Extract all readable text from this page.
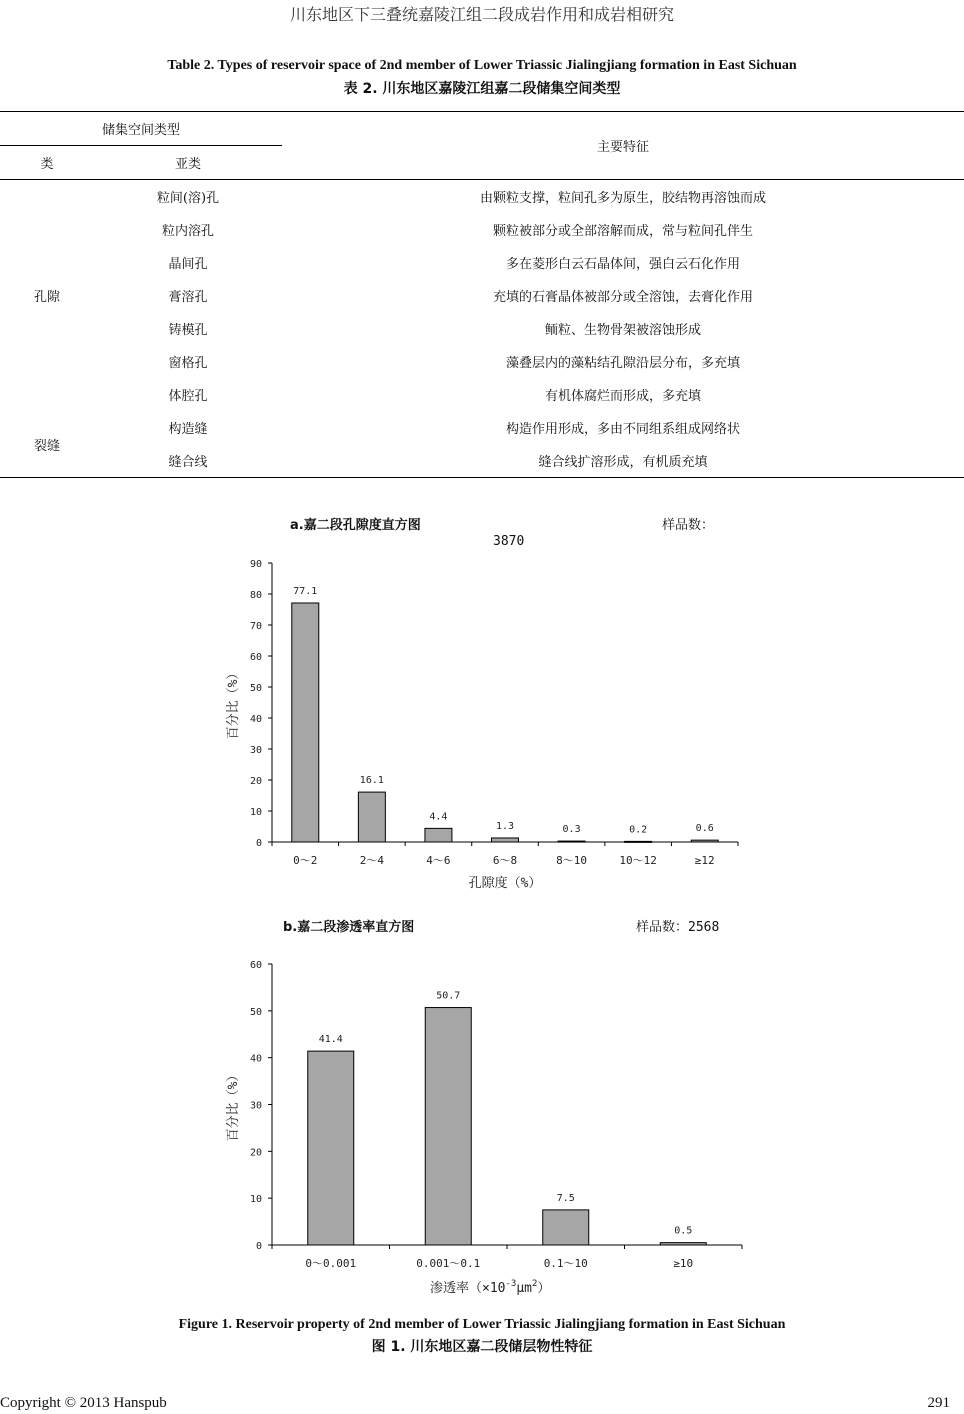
川东地区下三叠统嘉陵江组二段成岩作用和成岩相研究
Table 2. Types of reservoir space of 2nd member of Lower Triassic Jialingjiang formation in East Sichuan
表 2. 川东地区嘉陵江组嘉二段储集空间类型
储集空间类型		主要特征
类	亚类	
孔隙	粒间(溶)孔	由颗粒支撑，粒间孔多为原生，胶结物再溶蚀而成
	粒内溶孔	颗粒被部分或全部溶解而成，常与粒间孔伴生
	晶间孔	多在菱形白云石晶体间，强白云石化作用
	膏溶孔	充填的石膏晶体被部分或全溶蚀，去膏化作用
	铸模孔	鲕粒、生物骨架被溶蚀形成
	窗格孔	藻叠层内的藻粘结孔隙沿层分布，多充填
	体腔孔	有机体腐烂而形成，多充填
裂缝	构造缝	构造作用形成，多由不同组系组成网络状
	缝合线	缝合线扩溶形成，有机质充填
a.嘉二段孔隙度直方图	样品数：
3870
0
10
20
30
40
50
60
70
80
90
77.1
0～2
16.1
2～4
4.4
4～6
1.3
6～8
0.3
8～10
0.2
10～12
0.6
≥12
百分比（%）
孔隙度（%）
b.嘉二段渗透率直方图	样品数：2568
0
10
20
30
40
50
60
41.4
0～0.001
50.7
0.001～0.1
7.5
0.1～10
0.5
≥10
百分比（%）
渗透率$(\times 10^{-3}\mu m^2)$
Figure 1. Reservoir property of 2nd member of Lower Triassic Jialingjiang formation in East Sichuan
图 1. 川东地区嘉二段储层物性特征
Copyright © 2013 Hanspub	291
